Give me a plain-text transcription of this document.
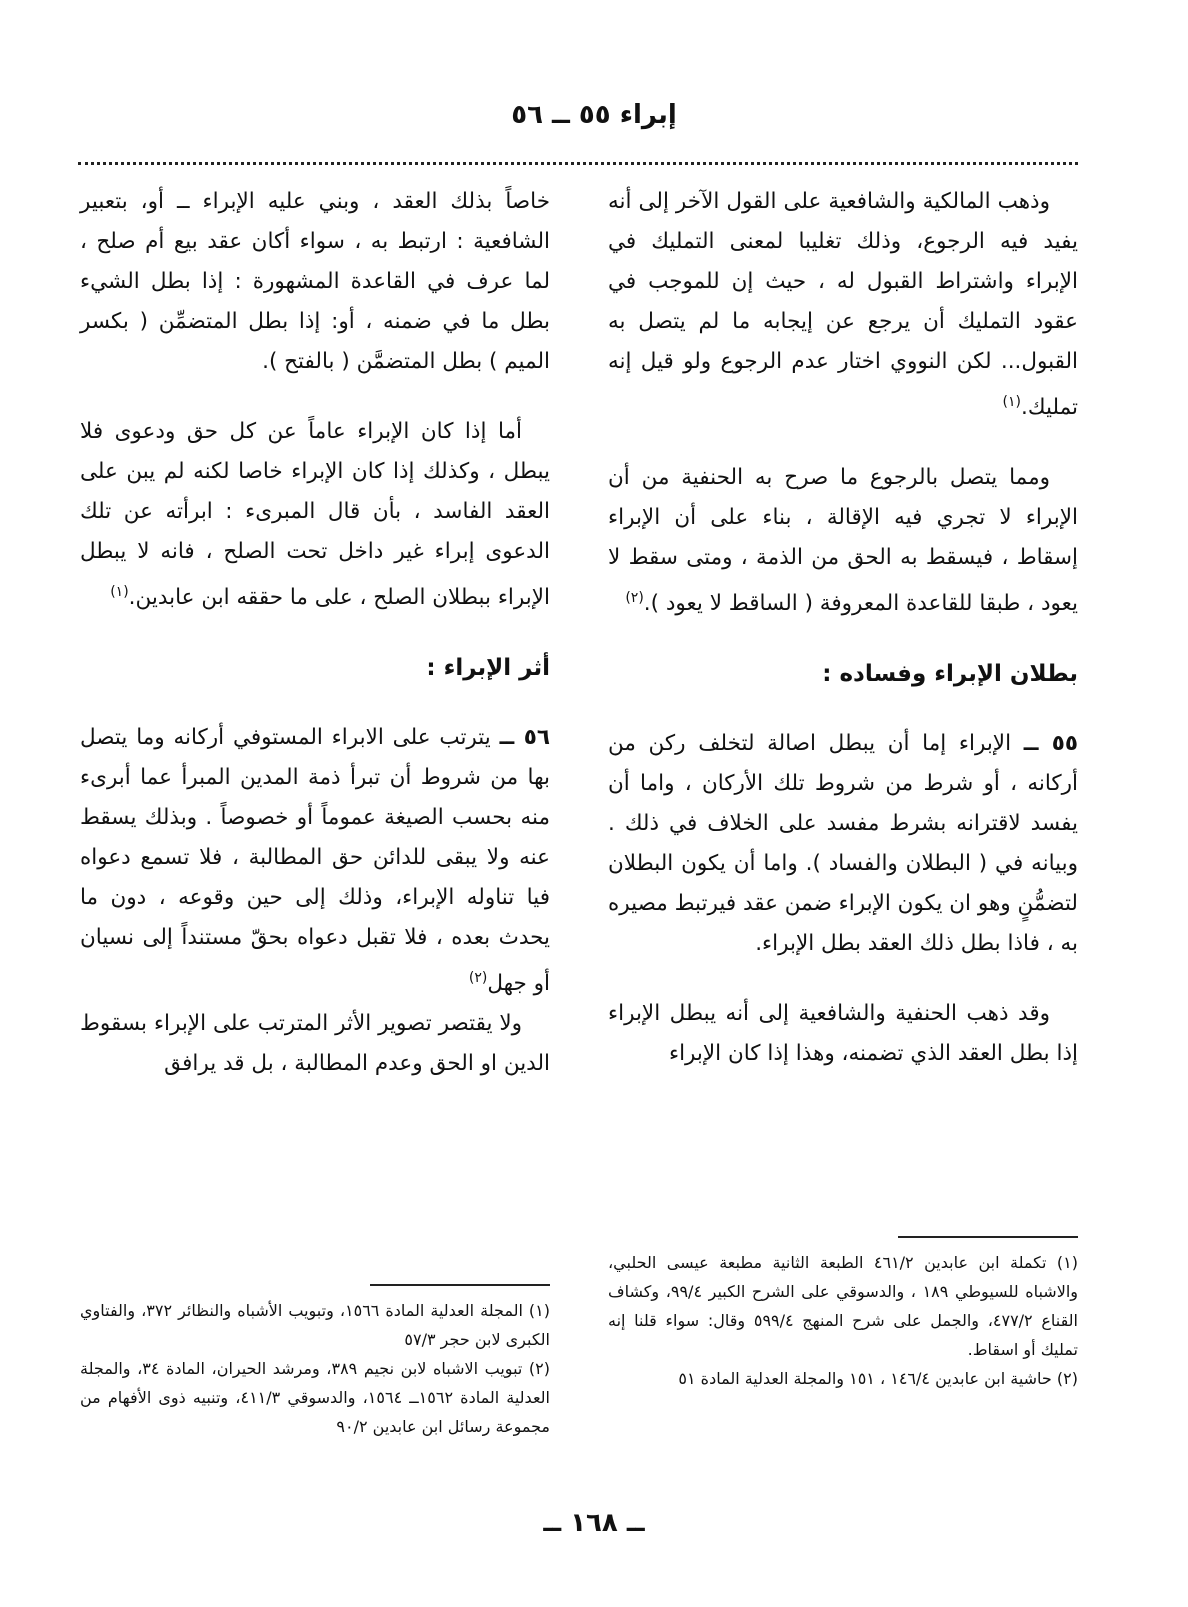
إبراء ٥٥ ــ ٥٦

وذهب المالكية والشافعية على القول الآخر إلى أنه يفيد فيه الرجوع، وذلك تغليبا لمعنى التمليك في الإبراء واشتراط القبول له ، حيث إن للموجب في عقود التمليك أن يرجع عن إيجابه ما لم يتصل به القبول... لكن النووي اختار عدم الرجوع ولو قيل إنه تمليك.$^{(١)}$

ومما يتصل بالرجوع ما صرح به الحنفية من أن الإبراء لا تجري فيه الإقالة ، بناء على أن الإبراء إسقاط ، فيسقط به الحق من الذمة ، ومتى سقط لا يعود ، طبقا للقاعدة المعروفة ( الساقط لا يعود ).$^{(٢)}$

بطلان الإبراء وفساده :

٥٥ ــ الإبراء إما أن يبطل اصالة لتخلف ركن من أركانه ، أو شرط من شروط تلك الأركان ، واما أن يفسد لاقترانه بشرط مفسد على الخلاف في ذلك . وبيانه في ( البطلان والفساد ). واما أن يكون البطلان لتضمُّنٍ وهو ان يكون الإبراء ضمن عقد فيرتبط مصيره به ، فاذا بطل ذلك العقد بطل الإبراء.

وقد ذهب الحنفية والشافعية إلى أنه يبطل الإبراء إذا بطل العقد الذي تضمنه، وهذا إذا كان الإبراء

خاصاً بذلك العقد ، وبني عليه الإبراء ــ أو، بتعبير الشافعية : ارتبط به ، سواء أكان عقد بيع أم صلح ، لما عرف في القاعدة المشهورة : إذا بطل الشيء بطل ما في ضمنه ، أو: إذا بطل المتضمِّن ( بكسر الميم ) بطل المتضمَّن ( بالفتح ).

أما إذا كان الإبراء عاماً عن كل حق ودعوى فلا يبطل ، وكذلك إذا كان الإبراء خاصا لكنه لم يبن على العقد الفاسد ، بأن قال المبرىء : ابرأته عن تلك الدعوى إبراء غير داخل تحت الصلح ، فانه لا يبطل الإبراء ببطلان الصلح ، على ما حققه ابن عابدين.$^{(١)}$

أثر الإبراء :

٥٦ ــ يترتب على الابراء المستوفي أركانه وما يتصل بها من شروط أن تبرأ ذمة المدين المبرأ عما أبرىء منه بحسب الصيغة عموماً أو خصوصاً . وبذلك يسقط عنه ولا يبقى للدائن حق المطالبة ، فلا تسمع دعواه فيا تناوله الإبراء، وذلك إلى حين وقوعه ، دون ما يحدث بعده ، فلا تقبل دعواه بحقّ مستنداً إلى نسيان أو جهل$^{(٢)}$

ولا يقتصر تصوير الأثر المترتب على الإبراء بسقوط الدين او الحق وعدم المطالبة ، بل قد يرافق

(١) تكملة ابن عابدين ٤٦١/٢ الطبعة الثانية مطبعة عيسى الحلبي، والاشباه للسيوطي ١٨٩ ، والدسوقي على الشرح الكبير ٩٩/٤، وكشاف القناع ٤٧٧/٢، والجمل على شرح المنهج ٥٩٩/٤ وقال: سواء قلنا إنه تمليك أو اسقاط.

(٢) حاشية ابن عابدين ١٤٦/٤ ، ١٥١ والمجلة العدلية المادة ٥١

(١) المجلة العدلية المادة ١٥٦٦، وتبويب الأشباه والنظائر ٣٧٢، والفتاوي الكبرى لابن حجر ٥٧/٣

(٢) تبويب الاشباه لابن نجيم ٣٨٩، ومرشد الحيران، المادة ٣٤، والمجلة العدلية المادة ١٥٦٢ــ ١٥٦٤، والدسوقي ٤١١/٣، وتنبيه ذوى الأفهام من مجموعة رسائل ابن عابدين ٩٠/٢

ــ ١٦٨ ــ
